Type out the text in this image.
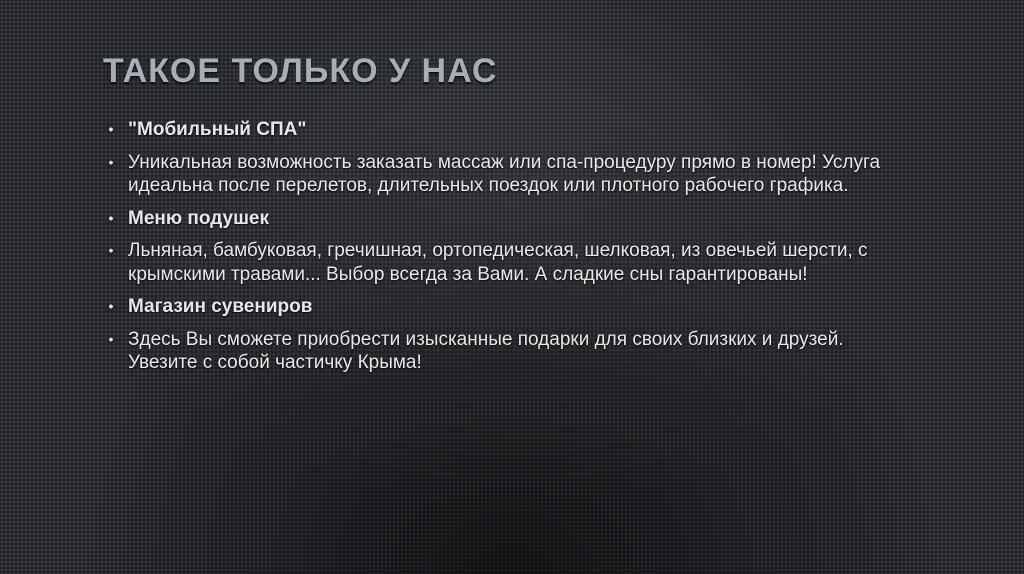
ТАКОЕ ТОЛЬКО У НАС
• "Мобильный СПА"
• Уникальная возможность заказать массаж или спа-процедуру прямо в номер! Услуга идеальна после перелетов, длительных поездок или плотного рабочего графика.
• Меню подушек
• Льняная, бамбуковая, гречишная, ортопедическая, шелковая, из овечьей шерсти, с крымскими травами... Выбор всегда за Вами. А сладкие сны гарантированы!
• Магазин сувениров
• Здесь Вы сможете приобрести изысканные подарки для своих близких и друзей. Увезите с собой частичку Крыма!
